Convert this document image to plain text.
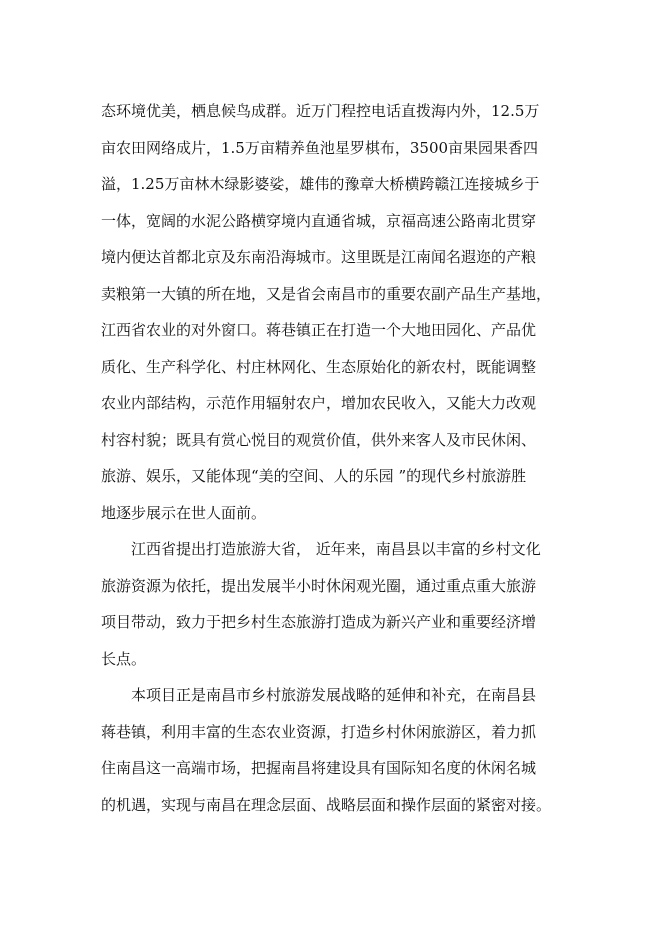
态环境优美，栖息候鸟成群。近万门程控电话直拨海内外，12.5万

亩农田网络成片，1.5万亩精养鱼池星罗棋布，3500亩果园果香四

溢，1.25万亩林木绿影婆娑，雄伟的豫章大桥横跨赣江连接城乡于

一体，宽阔的水泥公路横穿境内直通省城，京福高速公路南北贯穿

境内便达首都北京及东南沿海城市。这里既是江南闻名遐迩的产粮

卖粮第一大镇的所在地，又是省会南昌市的重要农副产品生产基地，

江西省农业的对外窗口。蒋巷镇正在打造一个大地田园化、产品优

质化、生产科学化、村庄林网化、生态原始化的新农村，既能调整

农业内部结构，示范作用辐射农户，增加农民收入，又能大力改观

村容村貌；既具有赏心悦目的观赏价值，供外来客人及市民休闲、

旅游、娱乐，又能体现“美的空间、人的乐园 ”的现代乡村旅游胜

地逐步展示在世人面前。

江西省提出打造旅游大省， 近年来，南昌县以丰富的乡村文化

旅游资源为依托，提出发展半小时休闲观光圈，通过重点重大旅游

项目带动，致力于把乡村生态旅游打造成为新兴产业和重要经济增

长点。

本项目正是南昌市乡村旅游发展战略的延伸和补充，在南昌县

蒋巷镇，利用丰富的生态农业资源，打造乡村休闲旅游区，着力抓

住南昌这一高端市场，把握南昌将建设具有国际知名度的休闲名城

的机遇，实现与南昌在理念层面、战略层面和操作层面的紧密对接。
